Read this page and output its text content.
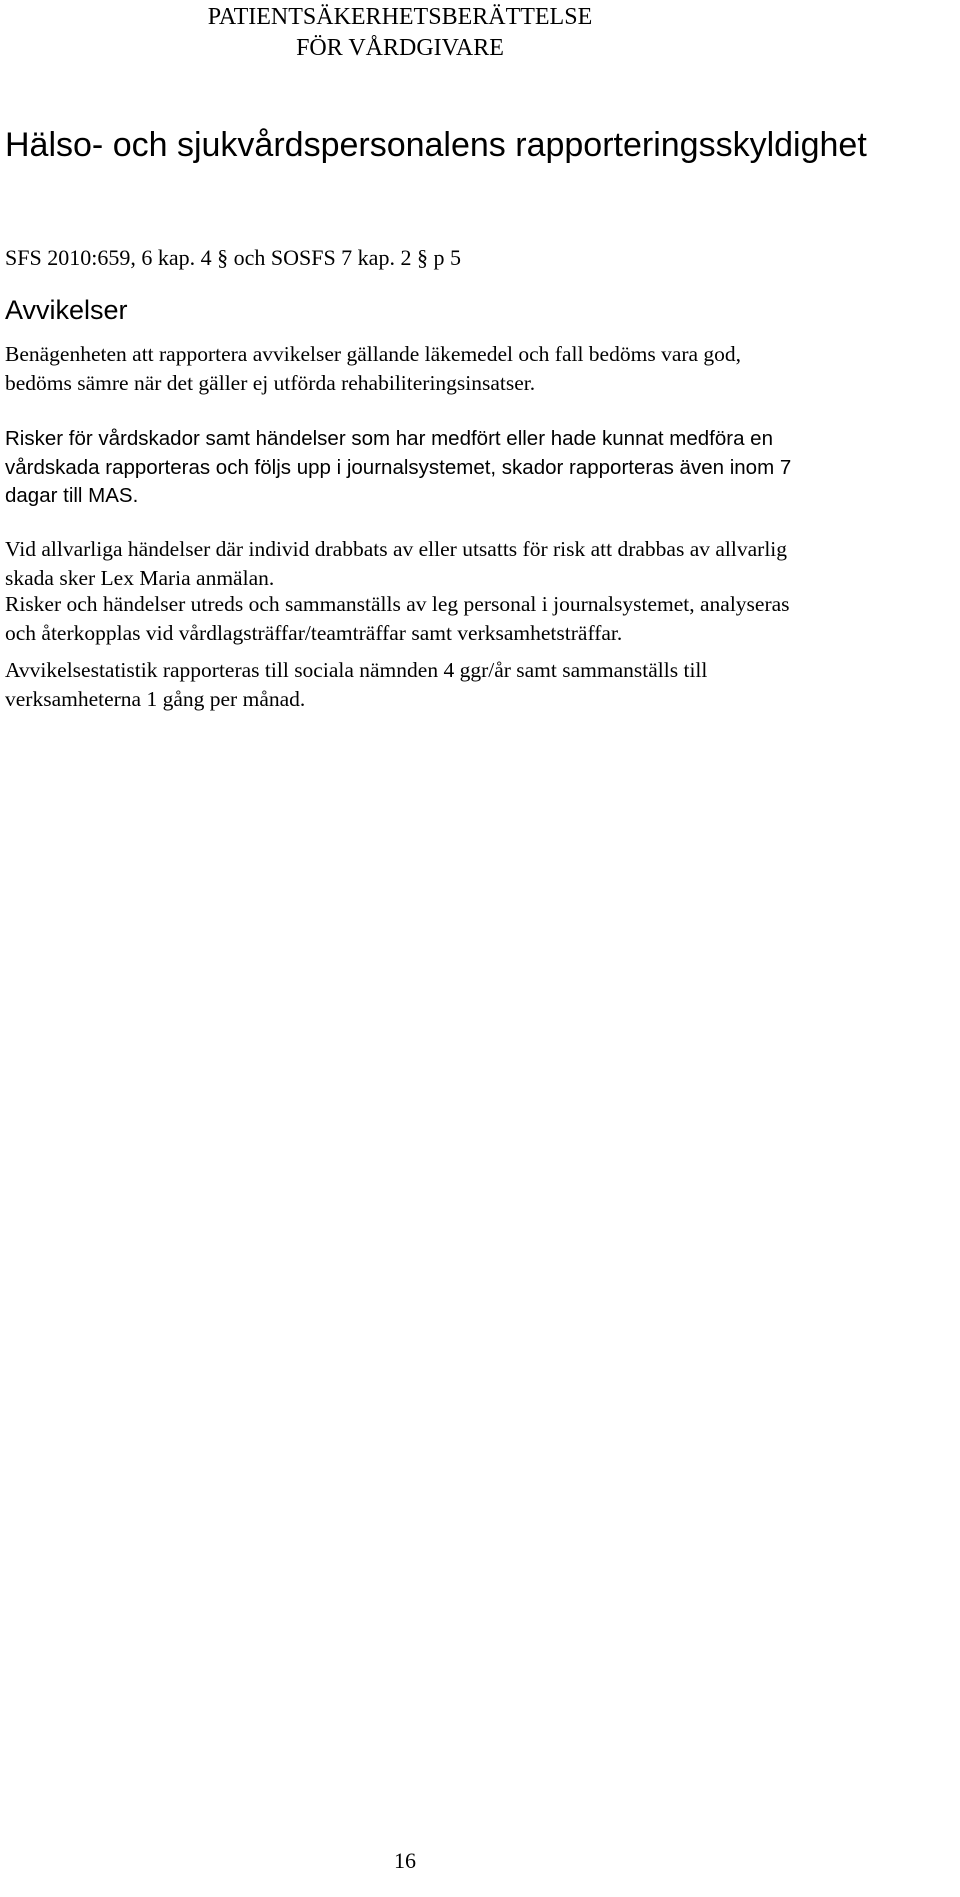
PATIENTSÄKERHETSBERÄTTELSE
FÖR VÅRDGIVARE
Hälso- och sjukvårdspersonalens rapporteringsskyldighet

SFS 2010:659, 6 kap. 4 § och SOSFS 7 kap. 2 § p 5

Avvikelser

Benägenheten att rapportera avvikelser gällande läkemedel och fall bedöms vara god, bedöms sämre när det gäller ej utförda rehabiliteringsinsatser.

Risker för vårdskador samt händelser som har medfört eller hade kunnat medföra en vårdskada rapporteras och följs upp i journalsystemet, skador rapporteras även inom 7 dagar till MAS.

Vid allvarliga händelser där individ drabbats av eller utsatts för risk att drabbas av allvarlig skada sker Lex Maria anmälan.

Risker och händelser utreds och sammanställs av leg personal i journalsystemet, analyseras och återkopplas vid vårdlagsträffar/teamträffar samt verksamhetsträffar.

Avvikelsestatistik rapporteras till sociala nämnden 4 ggr/år samt sammanställs till verksamheterna 1 gång per månad.

16
